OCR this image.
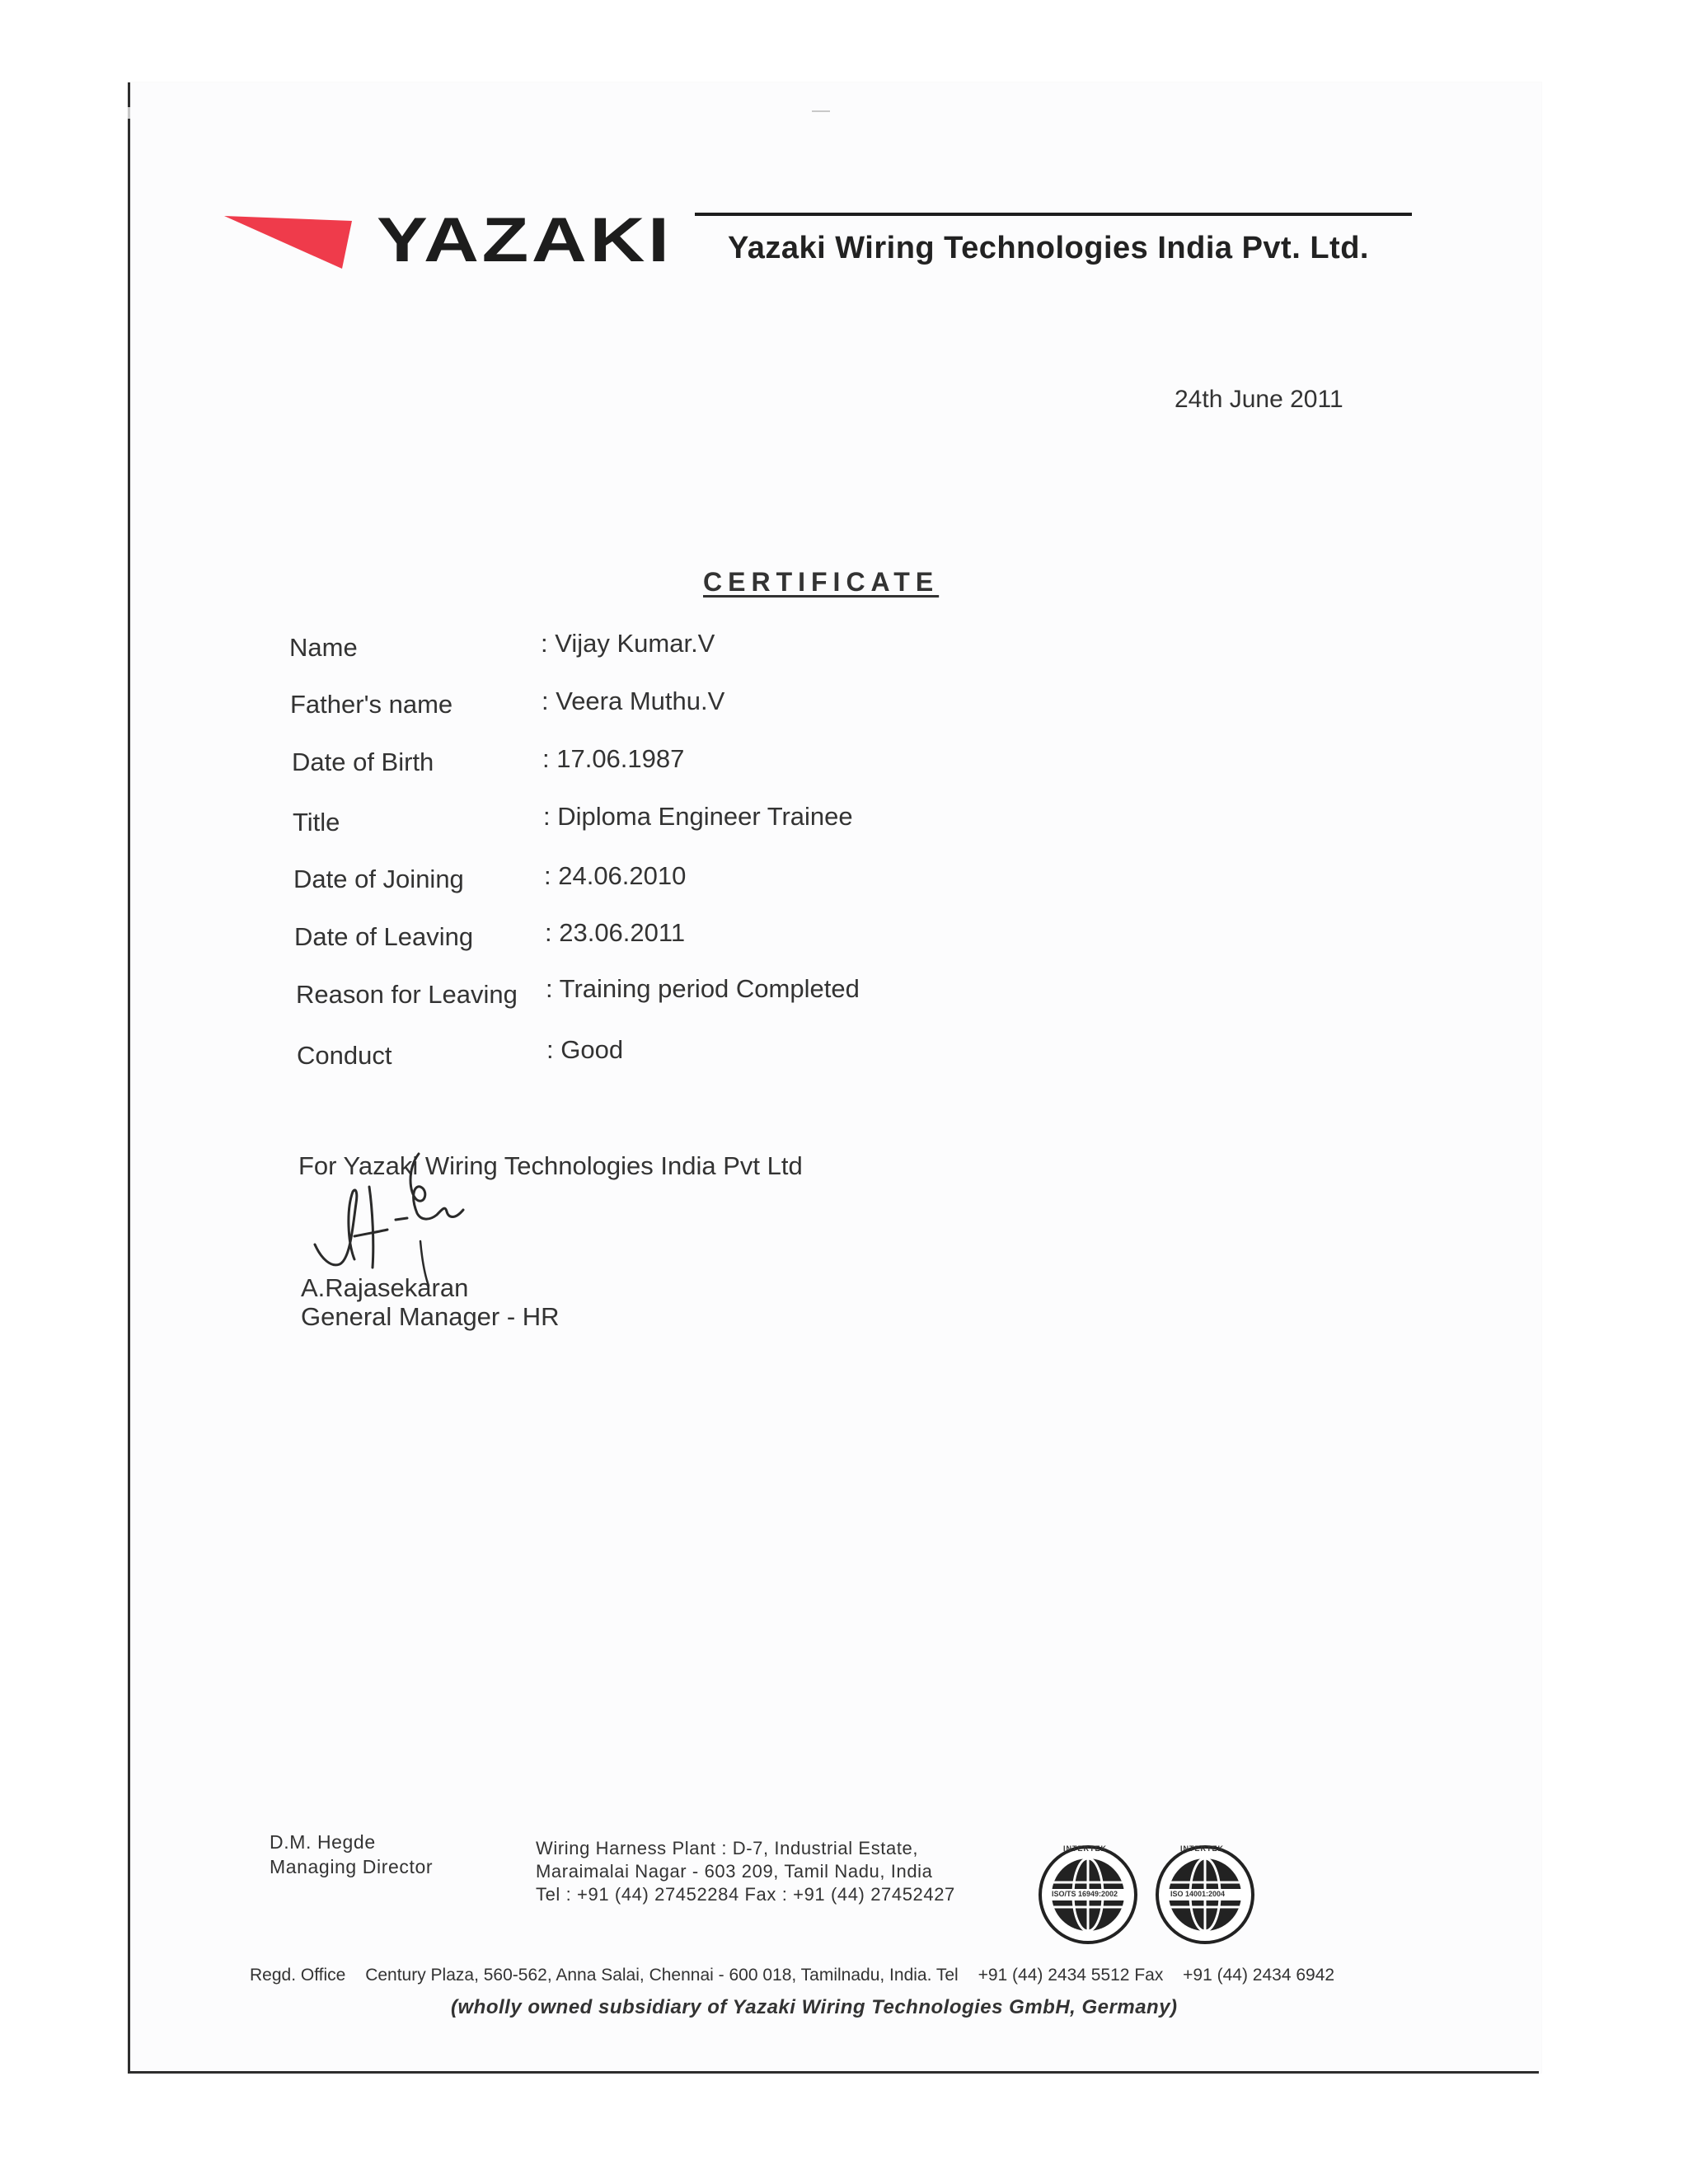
YAZAKI Yazaki Wiring Technologies India Pvt. Ltd.
24th June 2011
CERTIFICATE
Name	: Vijay Kumar.V
Father's name	: Veera Muthu.V
Date of Birth	: 17.06.1987
Title	: Diploma Engineer Trainee
Date of Joining	: 24.06.2010
Date of Leaving	: 23.06.2011
Reason for Leaving : Training period Completed
Conduct	: Good
For Yazaki Wiring Technologies India Pvt Ltd
A.Rajasekaran
General Manager - HR
D.M. Hegde
Managing Director
Wiring Harness Plant : D-7, Industrial Estate,
Maraimalai Nagar - 603 209, Tamil Nadu, India
Tel : +91 (44) 27452284 Fax : +91 (44) 27452427
INTERTEK
ISO/TS 16949:2002
INTERTEK
ISO 14001:2004
Regd. Office Century Plaza, 560-562, Anna Salai, Chennai - 600 018, Tamilnadu, India. Tel +91 (44) 2434 5512 Fax +91 (44) 2434 6942
(wholly owned subsidiary of Yazaki Wiring Technologies GmbH, Germany)
